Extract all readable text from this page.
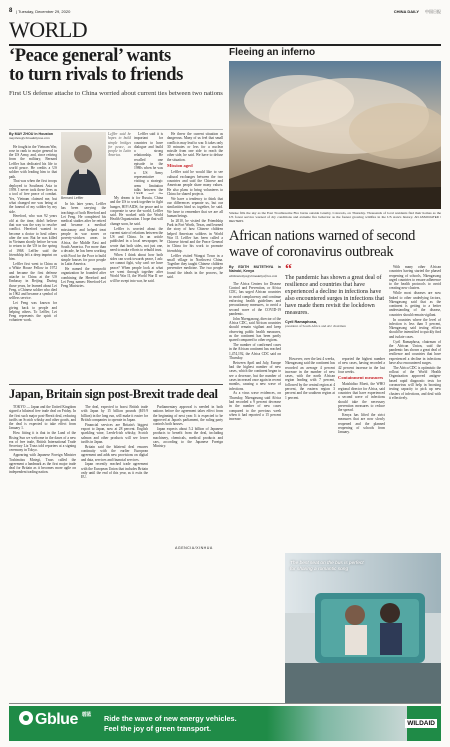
8 | Tuesday, December 29, 2020	CHINA DAILY 中国日报
WORLD
‘Peace general’ wants
to turn rivals to friends
First US defense attache to China worried about current ties between two nations
By MAY ZHOU in Houston
mayzhou@chinadailyusa.com

He fought in the Vietnam War, rose in rank to major general in the US Army, and, since retiring from the military, Bernard Leffler has dedicated his life to world peace. He credits a US soldier with leading him to that path.

That was when the first troops deployed to Southeast Asia in 1959. I never took these lives as a tool of free peace of combat. Yes, Vietnam claimed me, but what changed me was being at the funeral of my soldier by my side.

Hereford, who was 92 years old at the time, didn't believe that war was the way to resolve conflict. Hereford wanted to become a doctor to heal others after the war. But he was killed in Vietnam shortly before he was to return to the US in the spring of 1968. Leffler said the friendship left a deep imprint on him.

Leffler first went to China as a White House Fellow in 1972 and became the first defense attache to China at the US Embassy in Beijing. During those years, he learned about Lei Feng, a Chinese soldier who died in 1962 and became a symbol of selfless service.

Lei Feng was known for giving back to people and helping others. To Leffler, Lei Feng represents the spirit of volunteer work.

Bernard Leffler

In his later years, Leffler has been carrying the teachings of both Hereford and Lei Feng. He completed his medical studies after he retired and became a medical missionary and helped treat people in war zones or poverty-stricken areas in Africa, the Middle East and South America. For more than a decade, he has been working with Food for the Poor to build simple houses for poor people in Latin America.

He named the nonprofit organization he founded after combining the Hereford and Lei Feng names: Hereford-Lei Feng Ministries.

Leffler said he hopes to build simple bridges for peace, as people in Latin America.

My dream is for Russia, China and the US to work together to fight hunger, HIV/AIDS, for peace and to cooperate to save the world, Leffler said. He worked with the World Health Organization. I hope that will change soon, he said.

Leffler is worried about the current state of relations between the US and China. In an article published in a local newspaper, he wrote that both sides, not just one, need to make efforts to rebuild trust.

When I think about how both sides can work towards peace, I ask: we cannot fight, why can't we have peace? When people look at what we went through together after World War II, the World War II we will be swept into war, he said.

Leffler said it is important for countries to have dialogue and build a strong relationship. He recalled one episode in the 1980s when he was a US Army representative visiting a strategic arms limitation talks between the

He threw the current situation as dangerous. Many of us feel that small conflicts may lead to war. It takes only 30 minutes or less for a nuclear missile from one side to reach the other side, he said. We have to defuse the situation.

Mission aged

Leffler said he would like to see cultural exchanges between the two countries and said the Chinese and American people share many values. He also plans to bring volunteers to China for shared projects.

We have a tendency to think that our differences separate us, but our similarities bind us together, he said. We have to remember that we are all human beings.

In 2010, he visited the Friendship Park in Fort Worth, Texas, and learned the story of how Chinese children helped American soldiers in World War II. Leffler has been called a Chinese friend and the Peace General in China for his work to promote friendship.

Leffler visited Wangxi Town in a small village in Northwest China. Together they taught Chinese children preventive medicine. The two people found the ideals in the process, he said.

Japan, Britain sign post-Brexit trade deal

TOKYO — Japan and the United Kingdom signed a bilateral free trade deal on Friday. In the first such major post-Brexit deal, reducing tariffs on Scotch whisky and other goods, and the deal is expected to take effect from January 1.

How fitting it is that in the Land of the Rising Sun we welcome in the dawn of a new era of free trade, British International Trade Secretary Liz Truss told reporters at a signing ceremony in Tokyo.

Appearing with Japanese Foreign Minister Toshimitsu Motegi, Truss called the agreement a landmark as the first major trade deal for Britain as it becomes more agile on independent trading nation.

The deal, expected to boost British trade with Japan by 15 billion pounds ($19.9 billion) in the long run, will make it easier for British companies to operate in Japan.

Financial services are Britain's biggest export to Japan, now at 28 percent. English sparkling wine, Leeds-Irish whisky, Scotch salmon and other products will see lower tariffs in Japan.

Britain said the bilateral deal ensures continuity with the earlier European agreement and adds new provisions on digital and data, services and financial services.

Japan recently reached trade agreement with the European Union that includes Britain only until the end of this year, as it exits the EU.

Parliamentary approval is needed in both nations before the agreement takes effect from the beginning of next year. It is expected to be approved at Japan's parliament, the ruling party controls both houses.

Japan expects about 5.2 billion of Japanese products to benefit from the deal, including machinery, chemicals, medical products and cars, according to the Japanese Foreign Ministry.

AGENCIA/XINHUA
Fleeing an inferno
Smoke fills the sky as the East Troublesome Fire burns outside Granby, Colorado, on Thursday. Thousands of local residents fled their homes as the US forest service warned of dry conditions and extreme fire behavior as the fastest growing wildfire in the US state's history. AN ASSOCIATED / REUTERS
African nations warned of second
wave of coronavirus outbreak
By EDITH MUTETHYA in Nairobi, Kenya
edithmutethya@chinadailyafrica.com

The Africa Centers for Disease Control and Prevention, or Africa CDC, has urged African countries to avoid complacency and continue enforcing health guidelines and precautionary measures, to avoid a second wave of the COVID-19 pandemic.

John Nkengasong, director of the Africa CDC, said African countries should remain vigilant and keep observing public health measures, as the continent has been partly spared compared to other regions.

The number of confirmed cases in the African continent has reached 1,474,192, the Africa CDC said on Thursday.

Between April and July, Europe had the highest number of new cases, which the continent began to see a decrease, but the number of cases increased once again in recent months, causing a new wave of infections.

As a virus wave evidences, on Thursday, Nkengasong said Africa had recorded a 9 percent decrease in the number of new cases compared to the previous week when it had reported a 15 percent increase.

“
The pandemic has shown a great deal of resilience and countries that have experienced a decline in infections have also encountered surges in infections that have made them revisit the lockdown measures.
Cyril Ramaphosa,
president of South Africa and AU chairman

However, over the last 4 weeks, Nkengasong said the continent has recorded an average 4 percent increase in the number of new cases, with the north African region leading with 7 percent, followed by the central region at 4 percent, the eastern region 3 percent and the southern region at 1 percent.

reported the highest number of new cases, having recorded a 42 percent increase in the last four weeks.

Containment measures

Matshidiso Moeti, the WHO regional director for Africa, said countries that have experienced a second wave of infections should take the necessary prevention measures to reduce the spread.

Kenya has lifted the strict measures that are now slowly reopened and the planned reopening of schools from January.

With many other African countries having started the phased reopening of schools, Nkengasong urged countries to ensure adherence to the health protocols to avoid creating new clusters.

While most diseases are now linked to other underlying factors, Nkengasong said that as the continent is getting to a better understanding of the disease, countries should remain vigilant.

In countries where the level of infection is less than 5 percent, Nkengasong said testing efforts should be intensified to quickly find and isolate cases.

Cyril Ramaphosa, chairman of the African Union, said the pandemic has shown a great deal of resilience and countries that have experienced a decline in infections have also encountered surges.

The Africa CDC is optimistic the rollout of the World Health Organization approved antigen-based rapid diagnostic tests for coronavirus will help in boosting testing capacity to pick up new clusters of infections, and deal with it effectively.

The best seat on the bus is perfect for sharing a romantic song
Gblue $^{碧蓝}$ Ride the wave of new energy vehicles.
Feel the joy of green transport.	WILDAID
